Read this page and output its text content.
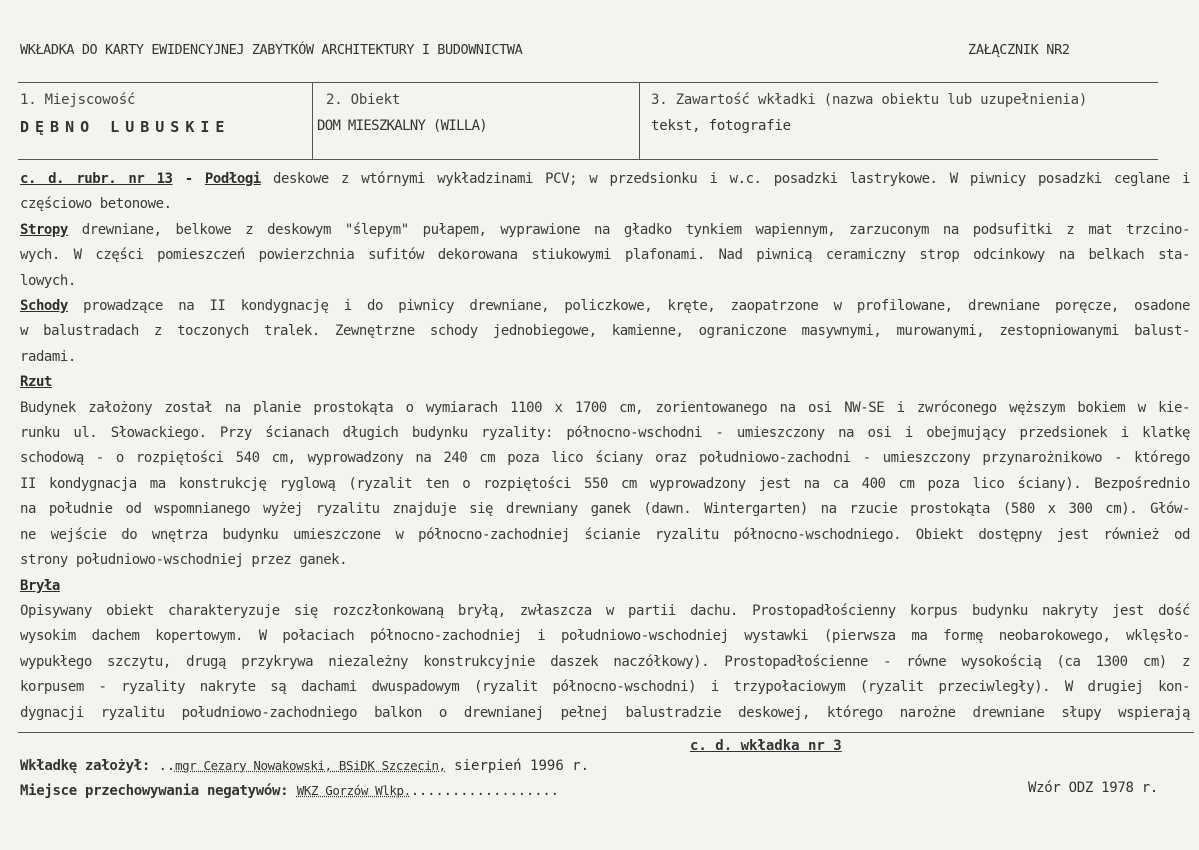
WKŁADKA DO KARTY EWIDENCYJNEJ ZABYTKÓW ARCHITEKTURY I BUDOWNICTWA	ZAŁĄCZNIK NR2
1. Miejscowość
DĘBNO LUBUSKIE
2. Obiekt
DOM MIESZKALNY (WILLA)
3. Zawartość wkładki (nazwa obiektu lub uzupełnienia)
tekst, fotografie
c. d. rubr. nr 13 - Podłogi deskowe z wtórnymi wykładzinami PCV; w przedsionku i w.c. posadzki lastrykowe. W piwnicy posadzki ceglane i
częściowo betonowe.
Stropy drewniane, belkowe z deskowym "ślepym" pułapem, wyprawione na gładko tynkiem wapiennym, zarzuconym na podsufitki z mat trzcino-
wych. W części pomieszczeń powierzchnia sufitów dekorowana stiukowymi plafonami. Nad piwnicą ceramiczny strop odcinkowy na belkach sta-
lowych.
Schody prowadzące na II kondygnację i do piwnicy drewniane, policzkowe, kręte, zaopatrzone w profilowane, drewniane poręcze, osadone
w balustradach z toczonych tralek. Zewnętrzne schody jednobiegowe, kamienne, ograniczone masywnymi, murowanymi, zestopniowanymi balust-
radami.
Rzut
Budynek założony został na planie prostokąta o wymiarach 1100 x 1700 cm, zorientowanego na osi NW-SE i zwróconego węższym bokiem w kie-
runku ul. Słowackiego. Przy ścianach długich budynku ryzality: północno-wschodni - umieszczony na osi i obejmujący przedsionek i klatkę
schodową - o rozpiętości 540 cm, wyprowadzony na 240 cm poza lico ściany oraz południowo-zachodni - umieszczony przynarożnikowo - którego
II kondygnacja ma konstrukcję ryglową (ryzalit ten o rozpiętości 550 cm wyprowadzony jest na ca 400 cm poza lico ściany). Bezpośrednio
na południe od wspomnianego wyżej ryzalitu znajduje się drewniany ganek (dawn. Wintergarten) na rzucie prostokąta (580 x 300 cm). Głów-
ne wejście do wnętrza budynku umieszczone w północno-zachodniej ścianie ryzalitu północno-wschodniego. Obiekt dostępny jest również od
strony południowo-wschodniej przez ganek.
Bryła
Opisywany obiekt charakteryzuje się rozczłonkowaną bryłą, zwłaszcza w partii dachu. Prostopadłościenny korpus budynku nakryty jest dość
wysokim dachem kopertowym. W połaciach północno-zachodniej i południowo-wschodniej wystawki (pierwsza ma formę neobarokowego, wklęsło-
wypukłego szczytu, drugą przykrywa niezależny konstrukcyjnie daszek naczółkowy). Prostopadłościenne - równe wysokością (ca 1300 cm) z
korpusem - ryzality nakryte są dachami dwuspadowym (ryzalit północno-wschodni) i trzypołaciowym (ryzalit przeciwległy). W drugiej kon-
dygnacji ryzalitu południowo-zachodniego balkon o drewnianej pełnej balustradzie deskowej, którego narożne drewniane słupy wspierają
Wkładkę założył: ..mgr Cezary Nowakowski, BSiDK Szczecin, sierpień 1996 r.
c. d. wkładka nr 3
Miejsce przechowywania negatywów: WKZ Gorzów Wlkp...................	Wzór ODZ 1978 r.
